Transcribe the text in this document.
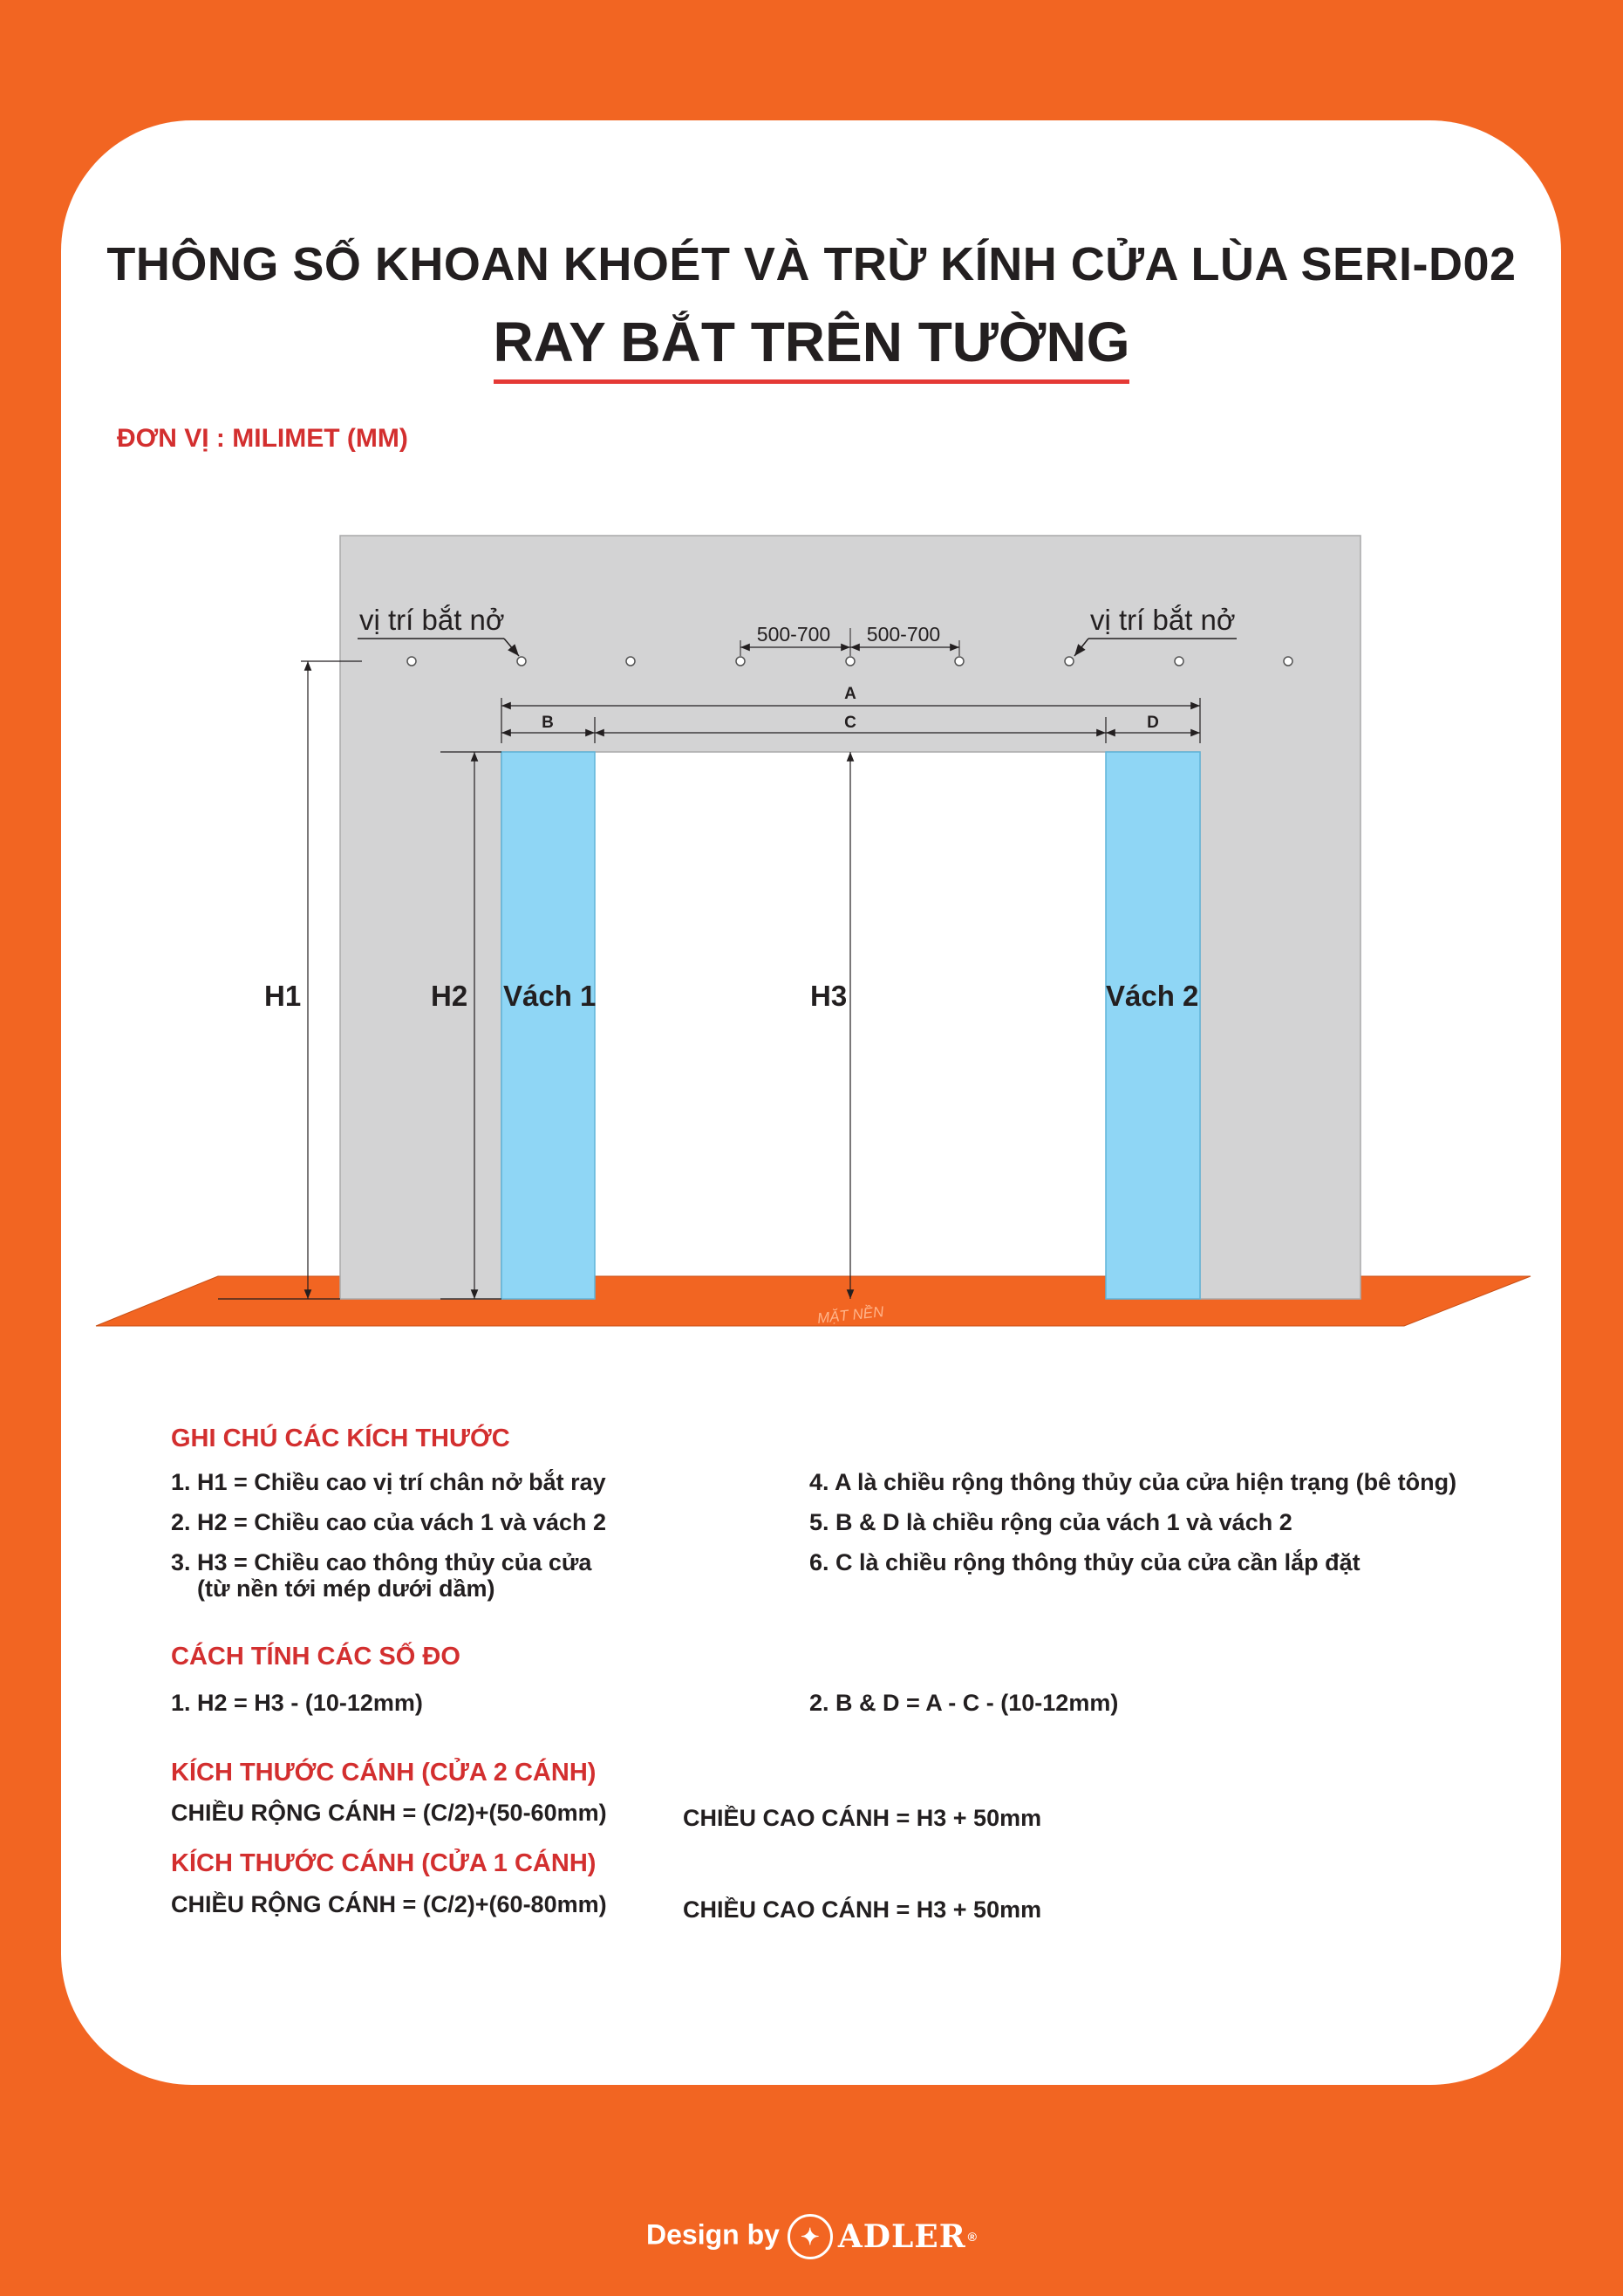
THÔNG SỐ KHOAN KHOÉT VÀ TRỪ KÍNH CỬA LÙA SERI-D02
RAY BẮT TRÊN TƯỜNG
ĐƠN VỊ : MILIMET (MM)
MẶT NỀN
vị trí bắt nở	vị trí bắt nở
500-700 500-700
A
B	C	D
H1	H2	H3
Vách 1	Vách 2
GHI CHÚ CÁC KÍCH THƯỚC
1. H1 = Chiều cao vị trí chân nở bắt ray
2. H2 = Chiều cao của vách 1 và vách 2
3. H3 = Chiều cao thông thủy của cửa
(từ nền tới mép dưới dầm)
4. A là chiều rộng thông thủy của cửa hiện trạng (bê tông)
5. B & D là chiều rộng của vách 1 và vách 2
6. C là chiều rộng thông thủy của cửa cần lắp đặt
CÁCH TÍNH CÁC SỐ ĐO
1. H2 = H3 - (10-12mm)	2. B & D = A - C - (10-12mm)
KÍCH THƯỚC CÁNH (CỬA 2 CÁNH)
CHIỀU RỘNG CÁNH = (C/2)+(50-60mm)	CHIỀU CAO CÁNH = H3 + 50mm
KÍCH THƯỚC CÁNH (CỬA 1 CÁNH)
CHIỀU RỘNG CÁNH = (C/2)+(60-80mm)	CHIỀU CAO CÁNH = H3 + 50mm
Design by ✦ ADLER ®
